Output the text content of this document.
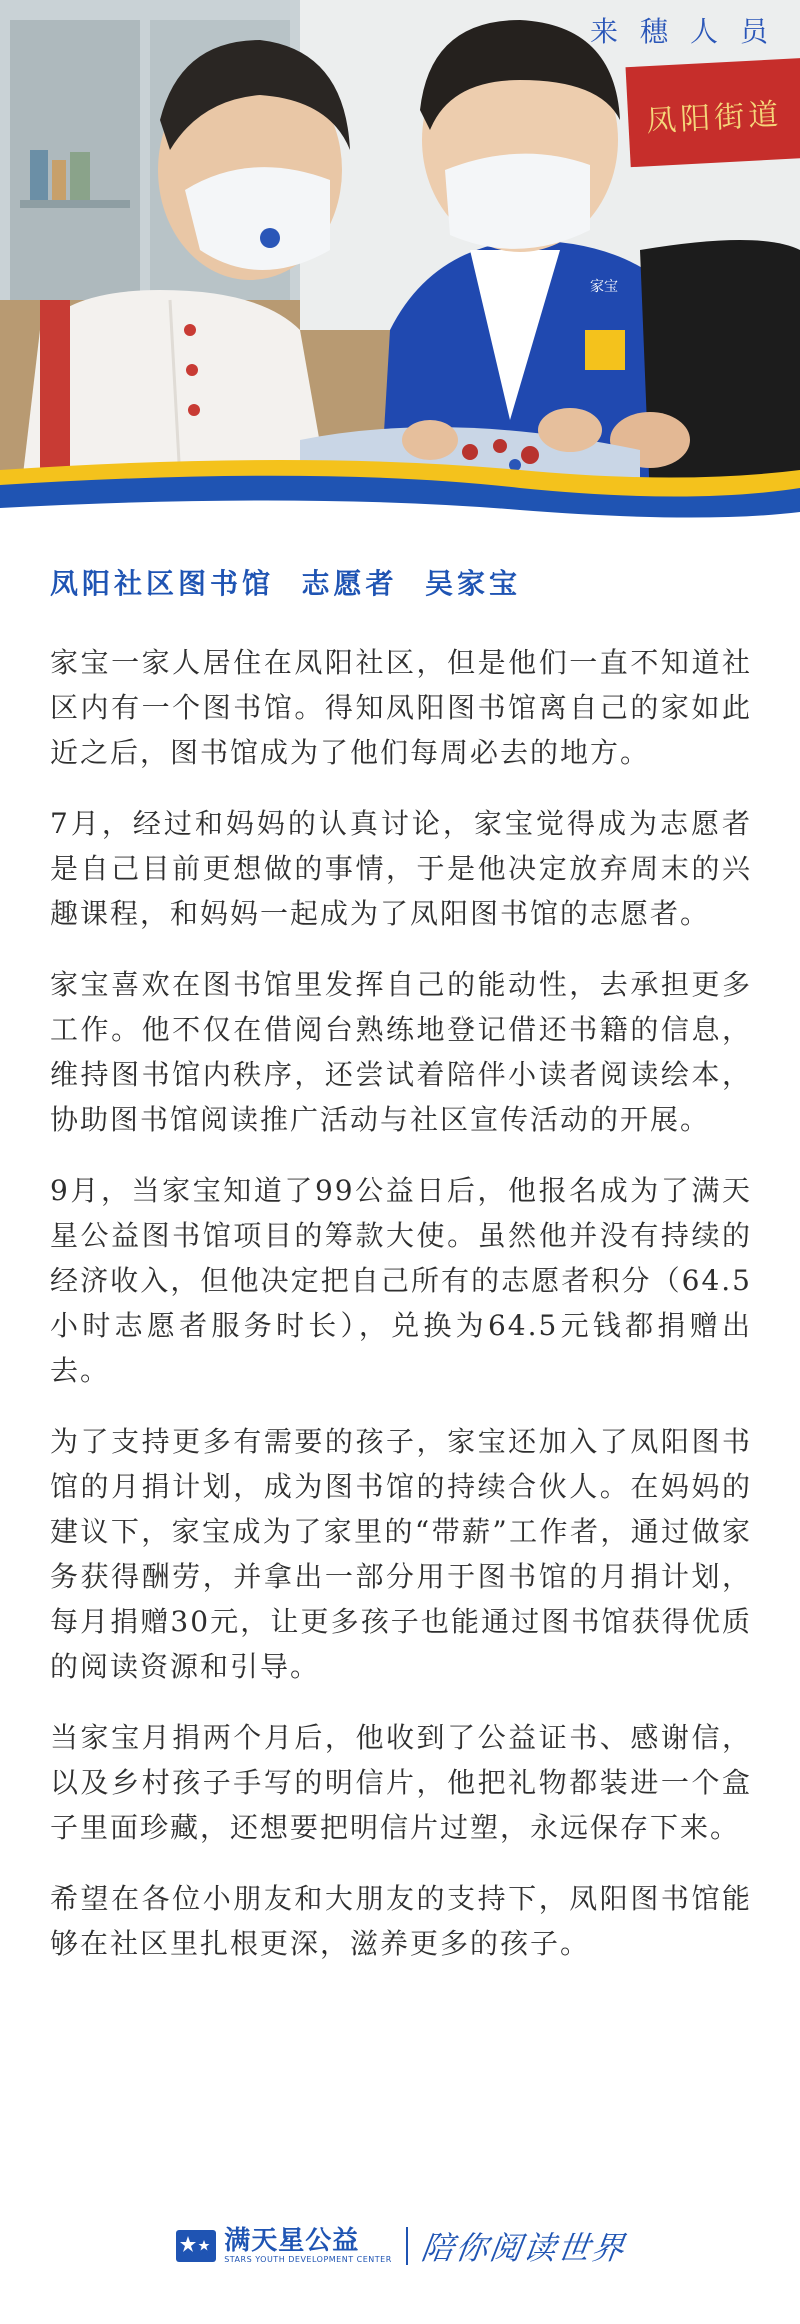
来穗人员
凤阳街道
家宝
凤阳社区图书馆  志愿者  吴家宝

家宝一家人居住在凤阳社区，但是他们一直不知道社区内有一个图书馆。得知凤阳图书馆离自己的家如此近之后，图书馆成为了他们每周必去的地方。

7月，经过和妈妈的认真讨论，家宝觉得成为志愿者是自己目前更想做的事情，于是他决定放弃周末的兴趣课程，和妈妈一起成为了凤阳图书馆的志愿者。

家宝喜欢在图书馆里发挥自己的能动性，去承担更多工作。他不仅在借阅台熟练地登记借还书籍的信息，维持图书馆内秩序，还尝试着陪伴小读者阅读绘本，协助图书馆阅读推广活动与社区宣传活动的开展。

9月，当家宝知道了99公益日后，他报名成为了满天星公益图书馆项目的筹款大使。虽然他并没有持续的经济收入，但他决定把自己所有的志愿者积分（64.5小时志愿者服务时长），兑换为64.5元钱都捐赠出去。

为了支持更多有需要的孩子，家宝还加入了凤阳图书馆的月捐计划，成为图书馆的持续合伙人。在妈妈的建议下，家宝成为了家里的“带薪”工作者，通过做家务获得酬劳，并拿出一部分用于图书馆的月捐计划，每月捐赠30元，让更多孩子也能通过图书馆获得优质的阅读资源和引导。

当家宝月捐两个月后，他收到了公益证书、感谢信，以及乡村孩子手写的明信片，他把礼物都装进一个盒子里面珍藏，还想要把明信片过塑，永远保存下来。

希望在各位小朋友和大朋友的支持下，凤阳图书馆能够在社区里扎根更深，滋养更多的孩子。

满天星公益
STARS YOUTH DEVELOPMENT CENTER 陪你阅读世界
